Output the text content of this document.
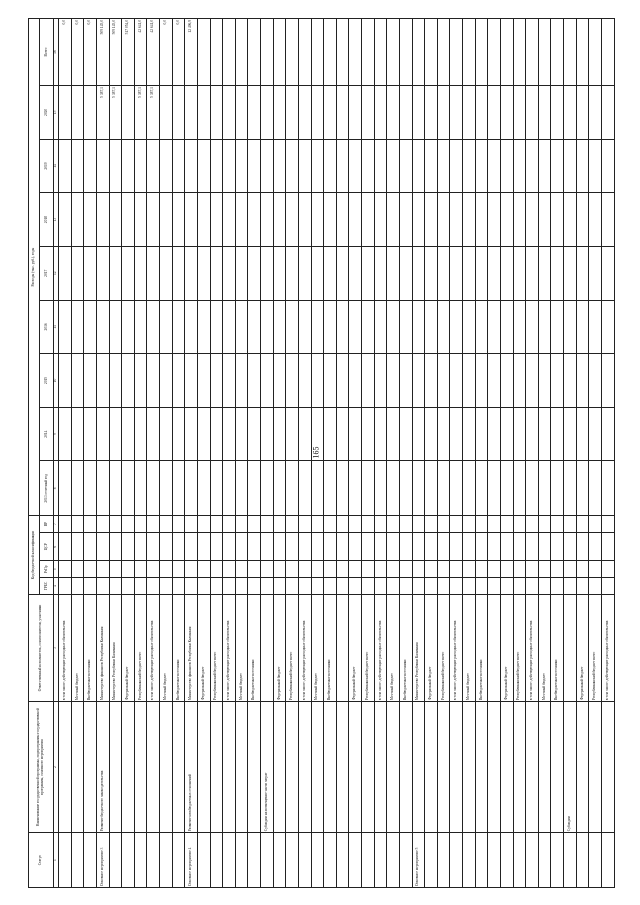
165
Статус	Наименование государственной программы, подпрограммы государственной программы, основного мероприятия	Ответственный исполнитель, соисполнители, участники	Код бюджетной классификации				Расходы (тыс. руб.), годы								
			ГРБС	РзПр	ЦСР	ВР	2013 отчетный год	2014	2015	2016	2017	2018	2019	2020	Всего
1	2	3	4	5	6	7	8	9	10	11	12	13	14	15	16
		в том числе: действующие расходные обязательства													0,0
		Местный бюджет													0,0
		Внебюджетные источники													0,0
Основное мероприятие 3	Развитие бюджетного законодательства	Министерство финансов Республики Калмыкия												5 387,1	509 145,0
		Министерство Республики Калмыкия												5 387,1	509 145,0
		Федеральный бюджет													517 054,0
		Республиканский бюджет всего												5 387,1	42 641,0
		в том числе: действующие расходные обязательства												5 387,1	42 641,0
		Местный бюджет													0,0
		Внебюджетные источники													0,0
Основное мероприятие 4	Развитие межбюджетных отношений	Министерство финансов Республики Калмыкия													12 496,9
		Федеральный бюджет													
		Республиканский бюджет всего													
		в том числе: действующие расходные обязательства													
		Местный бюджет													
		Внебюджетные источники													
	Субсидии на возмещение части затрат														
		Федеральный бюджет													
		Республиканский бюджет всего													
		в том числе: действующие расходные обязательства													
		Местный бюджет													
		Внебюджетные источники													

		Федеральный бюджет													
		Республиканский бюджет всего													
		в том числе: действующие расходные обязательства													
		Местный бюджет													
		Внебюджетные источники													
Основное мероприятие 5		Министерство Республики Калмыкия													
		Федеральный бюджет													
		Республиканский бюджет всего													
		в том числе: действующие расходные обязательства													
		Местный бюджет													
		Внебюджетные источники													

		Федеральный бюджет													
		Республиканский бюджет всего													
		в том числе: действующие расходные обязательства													
		Местный бюджет													
		Внебюджетные источники													
	Субсидии														
		Федеральный бюджет													
		Республиканский бюджет всего													
		в том числе: действующие расходные обязательства													
